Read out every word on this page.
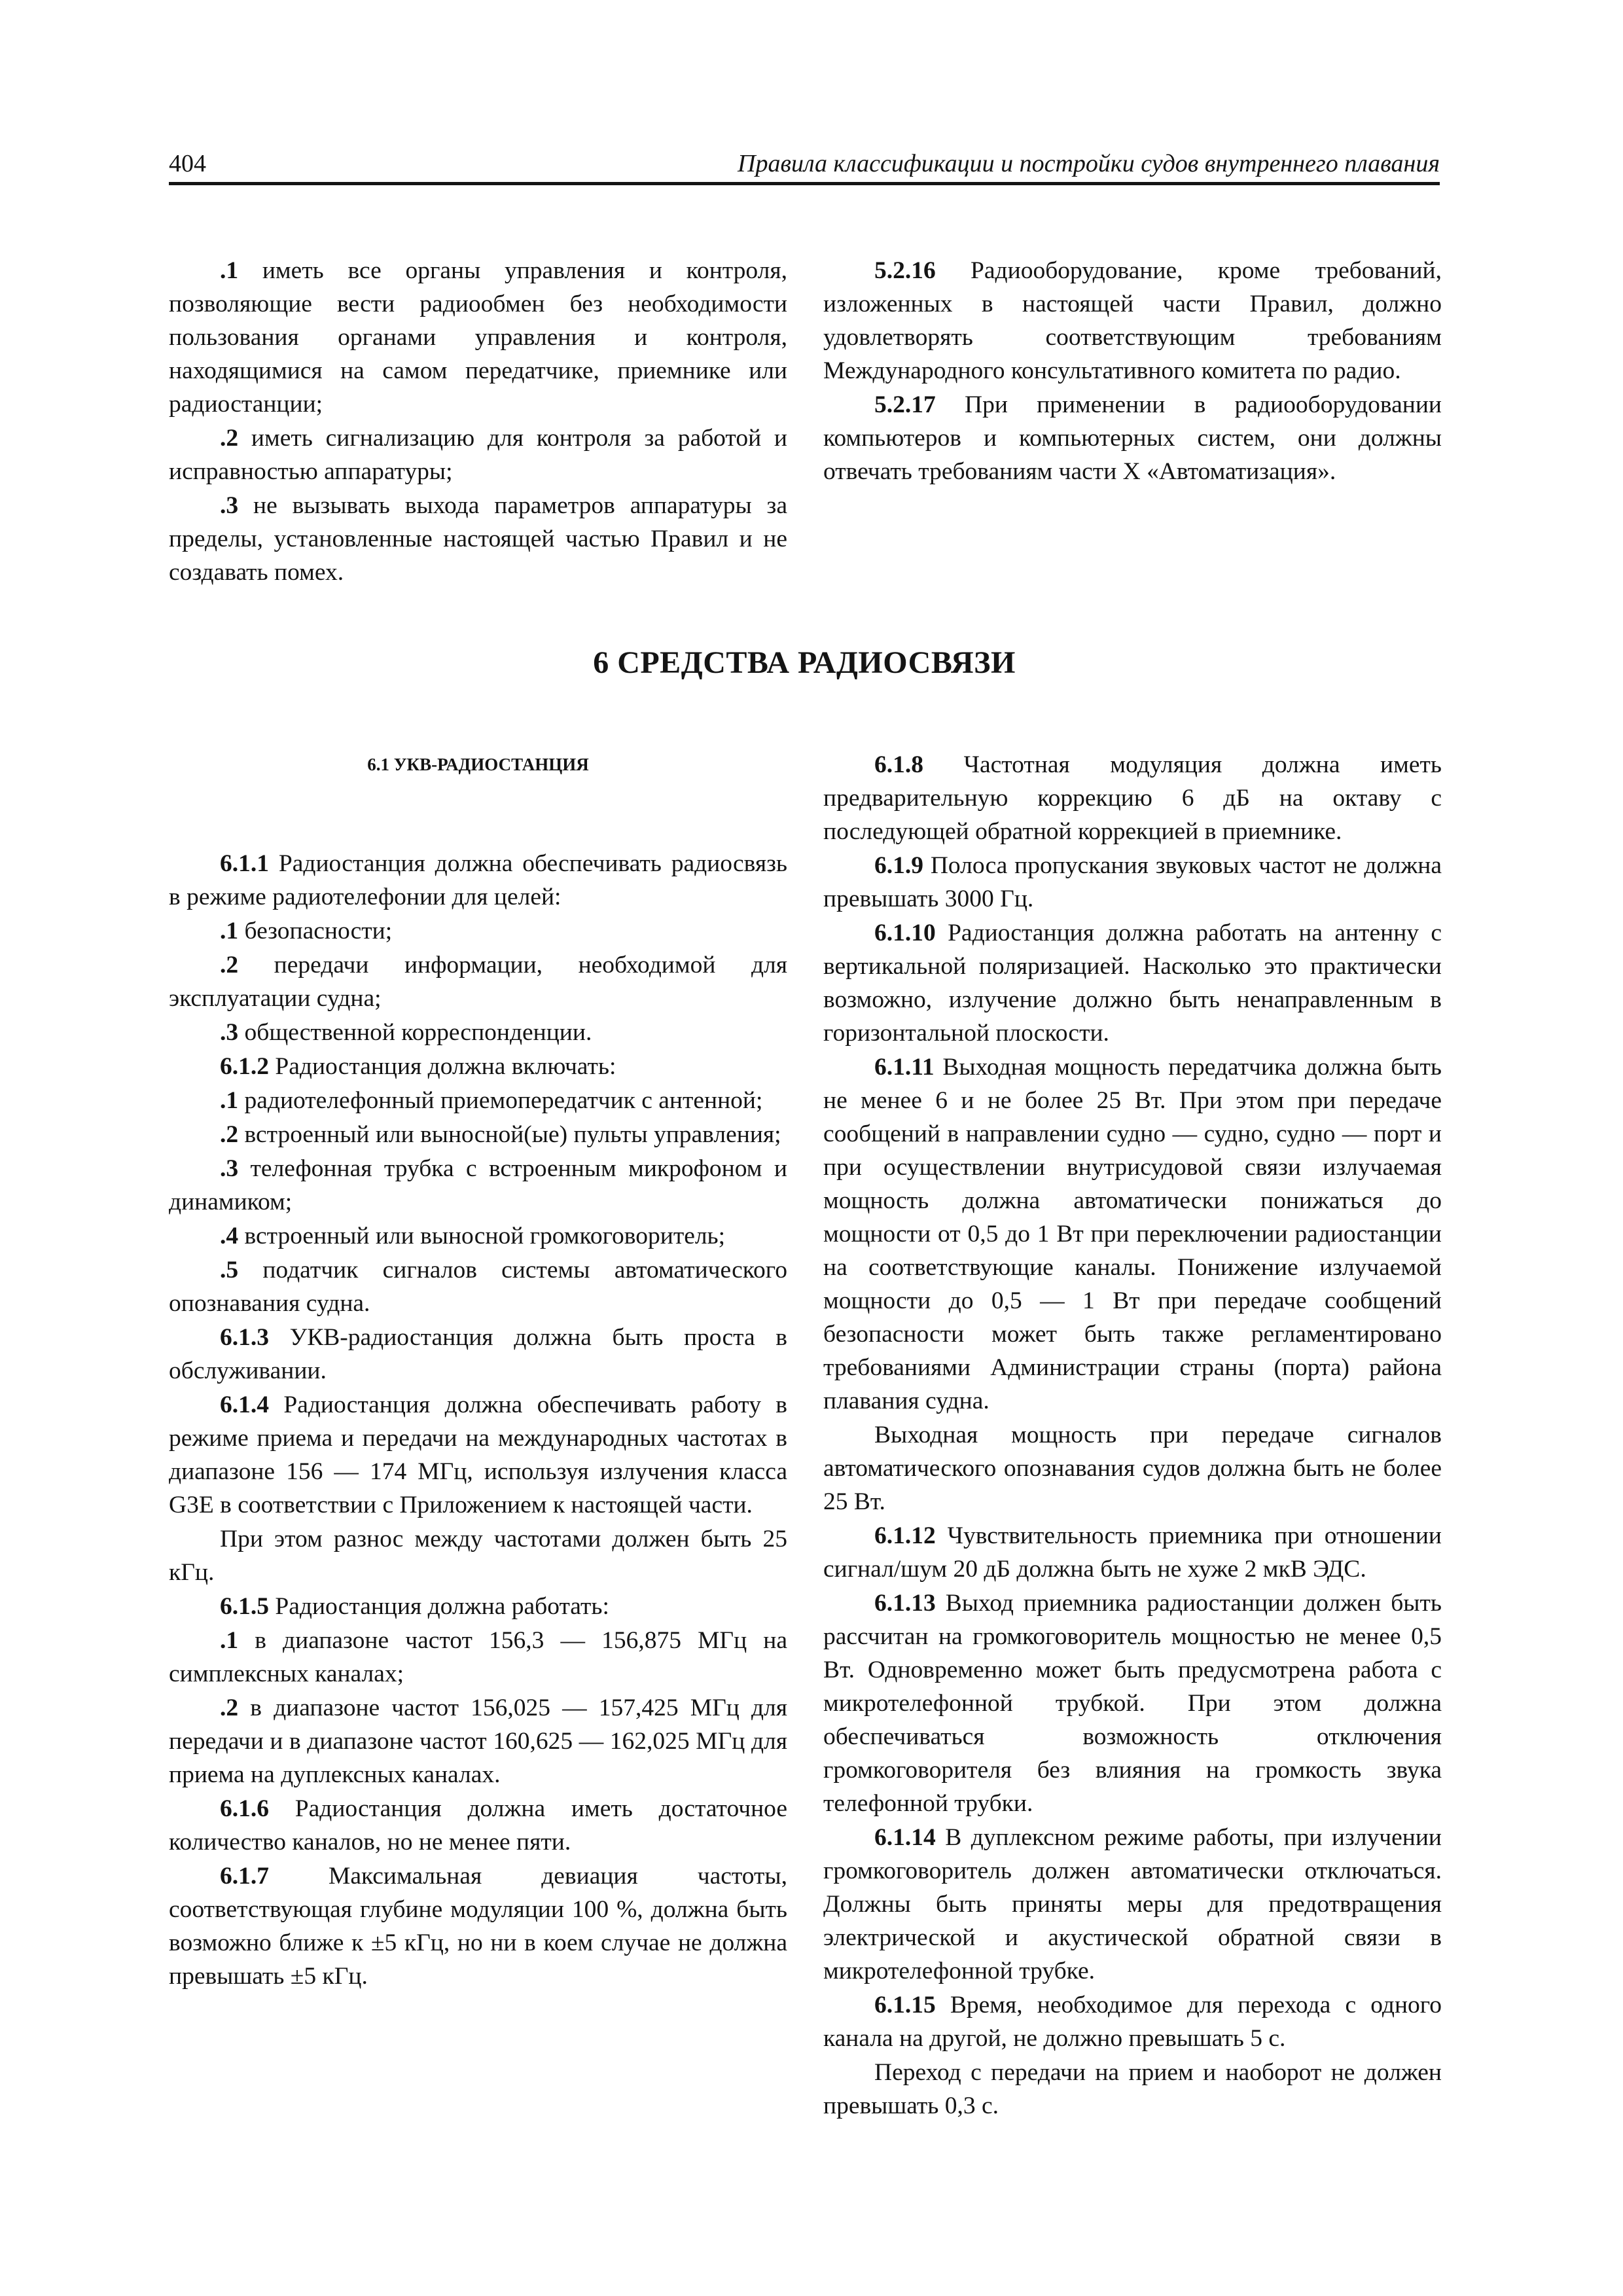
404	Правила классификации и постройки судов внутреннего плавания

.1 иметь все органы управления и контроля, позволяющие вести радиообмен без необходимости пользования органами управления и контроля, находящимися на самом передатчике, приемнике или радиостанции;

.2 иметь сигнализацию для контроля за работой и исправностью аппаратуры;

.3 не вызывать выхода параметров аппаратуры за пределы, установленные настоящей частью Правил и не создавать помех.

5.2.16 Радиооборудование, кроме требований, изложенных в настоящей части Правил, должно удовлетворять соответствующим требованиям Международного консультативного комитета по радио.

5.2.17 При применении в радиооборудовании компьютеров и компьютерных систем, они должны отвечать требованиям части X «Автоматизация».

6 СРЕДСТВА РАДИОСВЯЗИ

6.1 УКВ-РАДИОСТАНЦИЯ

6.1.1 Радиостанция должна обеспечивать радиосвязь в режиме радиотелефонии для целей:

.1 безопасности;

.2 передачи информации, необходимой для эксплуатации судна;

.3 общественной корреспонденции.

6.1.2 Радиостанция должна включать:

.1 радиотелефонный приемопередатчик с антенной;

.2 встроенный или выносной(ые) пульты управления;

.3 телефонная трубка с встроенным микрофоном и динамиком;

.4 встроенный или выносной громкоговоритель;

.5 податчик сигналов системы автоматического опознавания судна.

6.1.3 УКВ-радиостанция должна быть проста в обслуживании.

6.1.4 Радиостанция должна обеспечивать работу в режиме приема и передачи на международных частотах в диапазоне 156 — 174 МГц, используя излучения класса G3E в соответствии с Приложением к настоящей части.

При этом разнос между частотами должен быть 25 кГц.

6.1.5 Радиостанция должна работать:

.1 в диапазоне частот 156,3 — 156,875 МГц на симплексных каналах;

.2 в диапазоне частот 156,025 — 157,425 МГц для передачи и в диапазоне частот 160,625 — 162,025 МГц для приема на дуплексных каналах.

6.1.6 Радиостанция должна иметь достаточное количество каналов, но не менее пяти.

6.1.7 Максимальная девиация частоты, соответствующая глубине модуляции 100 %, должна быть возможно ближе к ±5 кГц, но ни в коем случае не должна превышать ±5 кГц.

6.1.8 Частотная модуляция должна иметь предварительную коррекцию 6 дБ на октаву с последующей обратной коррекцией в приемнике.

6.1.9 Полоса пропускания звуковых частот не должна превышать 3000 Гц.

6.1.10 Радиостанция должна работать на антенну с вертикальной поляризацией. Насколько это практически возможно, излучение должно быть ненаправленным в горизонтальной плоскости.

6.1.11 Выходная мощность передатчика должна быть не менее 6 и не более 25 Вт. При этом при передаче сообщений в направлении судно — судно, судно — порт и при осуществлении внутрисудовой связи излучаемая мощность должна автоматически понижаться до мощности от 0,5 до 1 Вт при переключении радиостанции на соответствующие каналы. Понижение излучаемой мощности до 0,5 — 1 Вт при передаче сообщений безопасности может быть также регламентировано требованиями Администрации страны (порта) района плавания судна.

Выходная мощность при передаче сигналов автоматического опознавания судов должна быть не более 25 Вт.

6.1.12 Чувствительность приемника при отношении сигнал/шум 20 дБ должна быть не хуже 2 мкВ ЭДС.

6.1.13 Выход приемника радиостанции должен быть рассчитан на громкоговоритель мощностью не менее 0,5 Вт. Одновременно может быть предусмотрена работа с микротелефонной трубкой. При этом должна обеспечиваться возможность отключения громкоговорителя без влияния на громкость звука телефонной трубки.

6.1.14 В дуплексном режиме работы, при излучении громкоговоритель должен автоматически отключаться. Должны быть приняты меры для предотвращения электрической и акустической обратной связи в микротелефонной трубке.

6.1.15 Время, необходимое для перехода с одного канала на другой, не должно превышать 5 с.

Переход с передачи на прием и наоборот не должен превышать 0,3 с.
